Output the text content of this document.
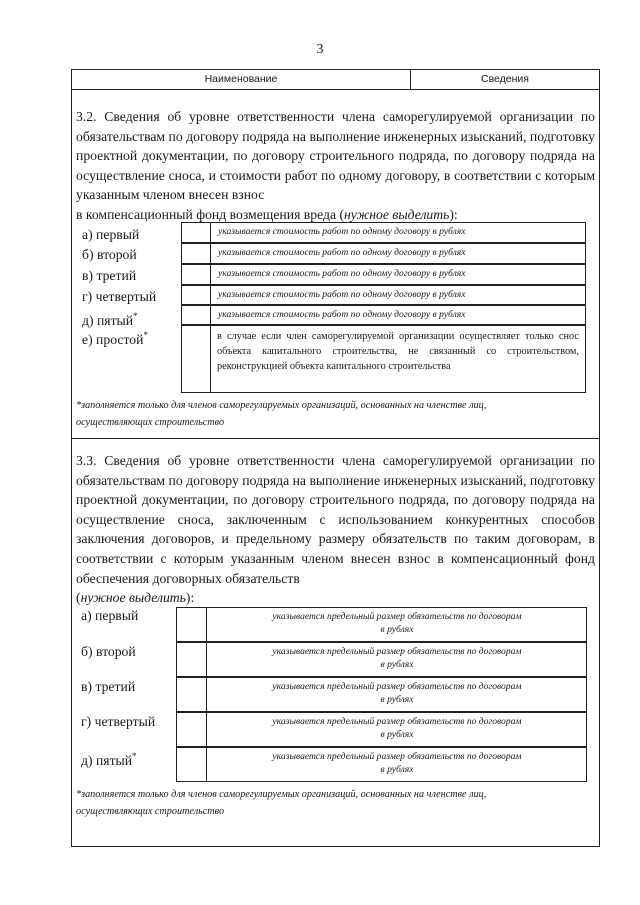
3
Наименование	Сведения
3.2. Сведения об уровне ответственности члена саморегулируемой организации по обязательствам по договору подряда на выполнение инженерных изысканий, подготовку проектной документации, по договору строительного подряда, по договору подряда на осуществление сноса, и стоимости работ по одному договору, в соответствии с которым указанным членом внесен взнос
в компенсационный фонд возмещения вреда (нужное выделить):
а) первый
б) второй
в) третий
г) четвертый
д) пятый*
е) простой*
указывается стоимость работ по одному договору в рублях
указывается стоимость работ по одному договору в рублях
указывается стоимость работ по одному договору в рублях
указывается стоимость работ по одному договору в рублях
указывается стоимость работ по одному договору в рублях
в случае если член саморегулируемой организации осуществляет только снос объекта капитального строительства, не связанный со строительством, реконструкцией объекта капитального строительства
*заполняется только для членов саморегулируемых организаций, основанных на членстве лиц,
осуществляющих строительство
3.3. Сведения об уровне ответственности члена саморегулируемой организации по обязательствам по договору подряда на выполнение инженерных изысканий, подготовку проектной документации, по договору строительного подряда, по договору подряда на осуществление сноса, заключенным с использованием конкурентных способов заключения договоров, и предельному размеру обязательств по таким договорам, в соответствии с которым указанным членом внесен взнос в компенсационный фонд обеспечения договорных обязательств
(нужное выделить):
а) первый
б) второй
в) третий
г) четвертый
д) пятый*
указывается предельный размер обязательств по договорам
в рублях
указывается предельный размер обязательств по договорам
в рублях
указывается предельный размер обязательств по договорам
в рублях
указывается предельный размер обязательств по договорам
в рублях
указывается предельный размер обязательств по договорам
в рублях
*заполняется только для членов саморегулируемых организаций, основанных на членстве лиц,
осуществляющих строительство
